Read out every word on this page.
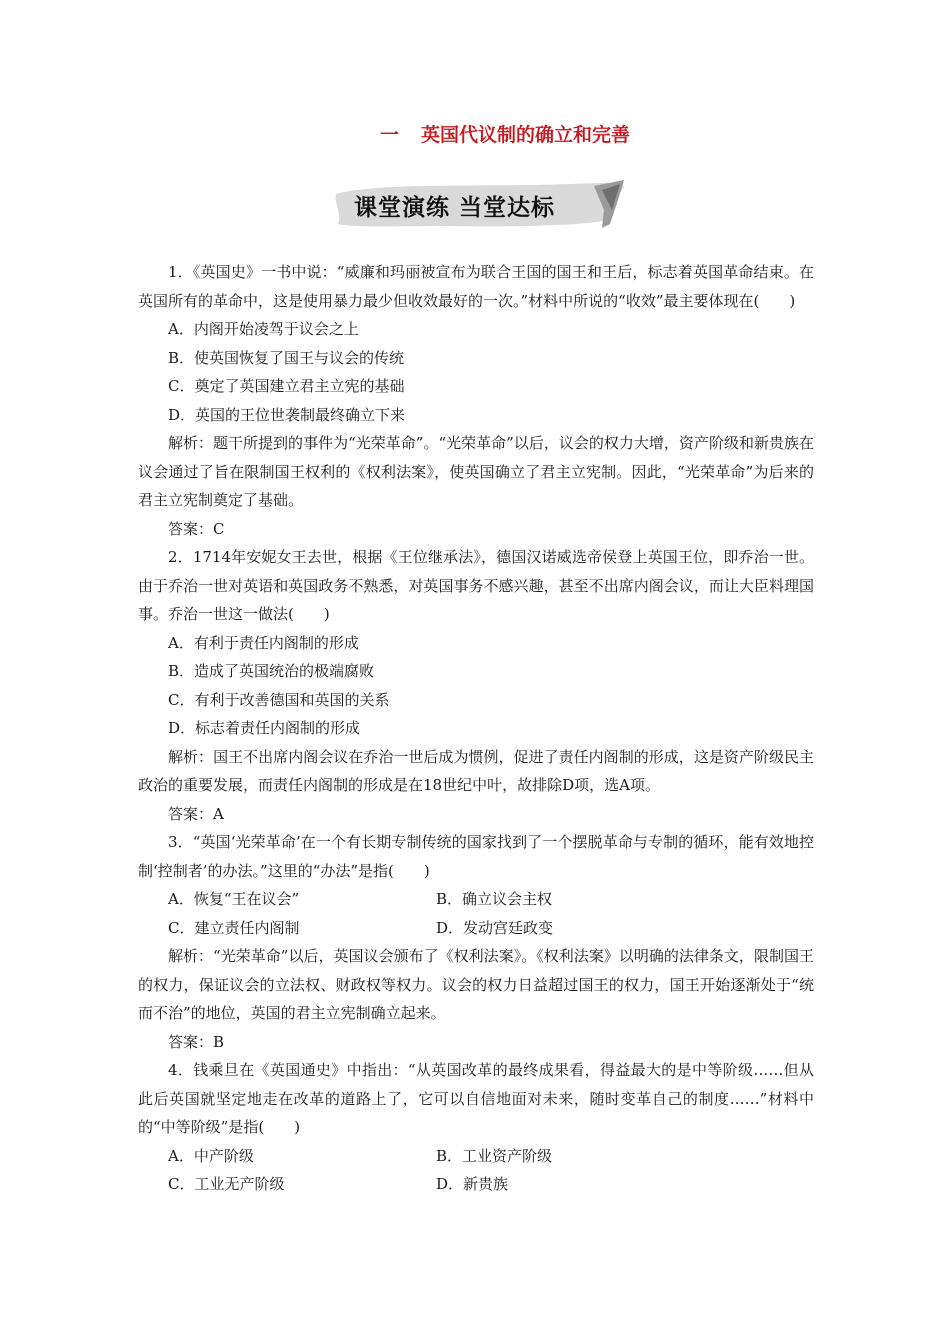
一 英国代议制的确立和完善
课堂演练 当堂达标

1．《英国史》一书中说：“威廉和玛丽被宣布为联合王国的国王和王后，标志着英国革命结束。在英国所有的革命中，这是使用暴力最少但收效最好的一次。”材料中所说的“收效”最主要体现在(　　)

A．内阁开始凌驾于议会之上

B．使英国恢复了国王与议会的传统

C．奠定了英国建立君主立宪的基础

D．英国的王位世袭制最终确立下来

解析：题干所提到的事件为“光荣革命”。“光荣革命”以后，议会的权力大增，资产阶级和新贵族在议会通过了旨在限制国王权利的《权利法案》，使英国确立了君主立宪制。因此，“光荣革命”为后来的君主立宪制奠定了基础。

答案：C

2．1714年安妮女王去世，根据《王位继承法》，德国汉诺威选帝侯登上英国王位，即乔治一世。由于乔治一世对英语和英国政务不熟悉，对英国事务不感兴趣，甚至不出席内阁会议，而让大臣料理国事。乔治一世这一做法(　　)

A．有利于责任内阁制的形成

B．造成了英国统治的极端腐败

C．有利于改善德国和英国的关系

D．标志着责任内阁制的形成

解析：国王不出席内阁会议在乔治一世后成为惯例，促进了责任内阁制的形成，这是资产阶级民主政治的重要发展，而责任内阁制的形成是在18世纪中叶，故排除D项，选A项。

答案：A

3．“英国‘光荣革命’在一个有长期专制传统的国家找到了一个摆脱革命与专制的循环，能有效地控制‘控制者’的办法。”这里的“办法”是指(　　)

A．恢复“王在议会”	B．确立议会主权
C．建立责任内阁制	D．发动宫廷政变

解析：“光荣革命”以后，英国议会颁布了《权利法案》。《权利法案》以明确的法律条文，限制国王的权力，保证议会的立法权、财政权等权力。议会的权力日益超过国王的权力，国王开始逐渐处于“统而不治”的地位，英国的君主立宪制确立起来。

答案：B

4．钱乘旦在《英国通史》中指出：“从英国改革的最终成果看，得益最大的是中等阶级……但从此后英国就坚定地走在改革的道路上了，它可以自信地面对未来，随时变革自己的制度……”材料中的“中等阶级”是指(　　)

A．中产阶级	B．工业资产阶级
C．工业无产阶级	D．新贵族
